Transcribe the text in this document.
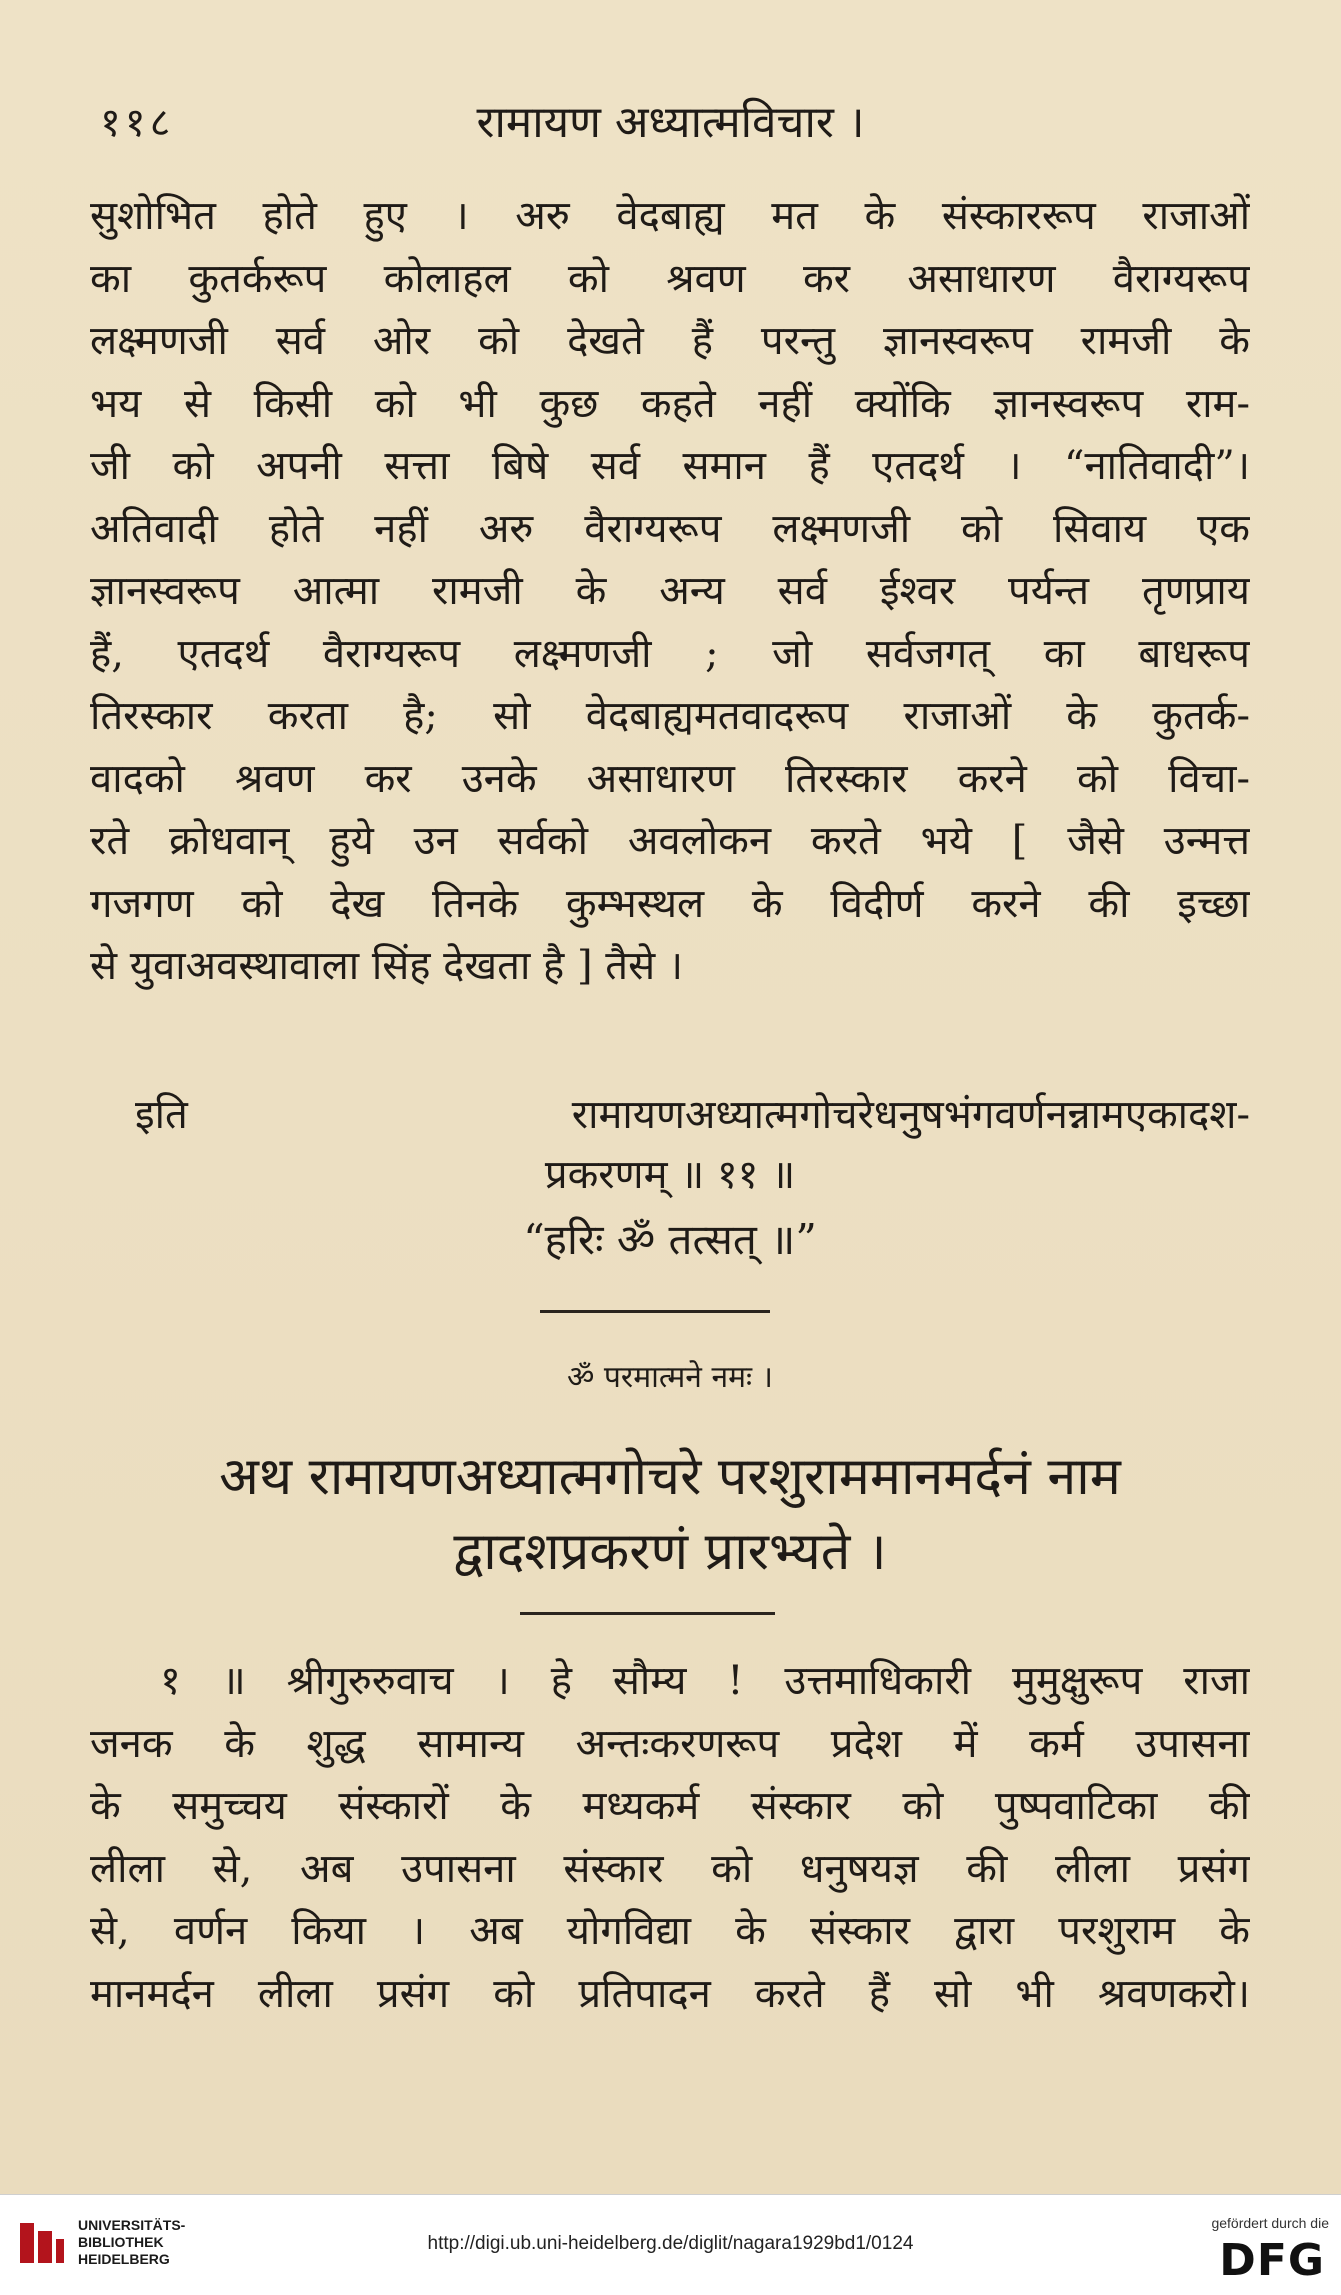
११८	रामायण अध्यात्मविचार ।
सुशोभित होते हुए । अरु वेदबाह्य मत के संस्काररूप राजाओं
का कुतर्करूप कोलाहल को श्रवण कर असाधारण वैराग्यरूप
लक्ष्मणजी सर्व ओर को देखते हैं परन्तु ज्ञानस्वरूप रामजी के
भय से किसी को भी कुछ कहते नहीं क्योंकि ज्ञानस्वरूप राम-
जी को अपनी सत्ता बिषे सर्व समान हैं एतदर्थ । “नातिवादी”।
अतिवादी होते नहीं अरु वैराग्यरूप लक्ष्मणजी को सिवाय एक
ज्ञानस्वरूप आत्मा रामजी के अन्य सर्व ईश्वर पर्यन्त तृणप्राय
हैं, एतदर्थ वैराग्यरूप लक्ष्मणजी ; जो सर्वजगत् का बाधरूप
तिरस्कार करता है; सो वेदबाह्यमतवादरूप राजाओं के कुतर्क-
वादको श्रवण कर उनके असाधारण तिरस्कार करने को विचा-
रते क्रोधवान् हुये उन सर्वको अवलोकन करते भये [ जैसे उन्मत्त
गजगण को देख तिनके कुम्भस्थल के विदीर्ण करने की इच्छा
से युवाअवस्थावाला सिंह देखता है ] तैसे ।
इति रामायणअध्यात्मगोचरेधनुषभंगवर्णनन्नामएकादश-
प्रकरणम् ॥ ११ ॥
“हरिः ॐ तत्सत् ॥”
ॐ परमात्मने नमः ।
अथ रामायणअध्यात्मगोचरे परशुराममानमर्दनं नाम
द्वादशप्रकरणं प्रारभ्यते ।
१ ॥ श्रीगुरुरुवाच । हे सौम्य ! उत्तमाधिकारी मुमुक्षुरूप राजा
जनक के शुद्ध सामान्य अन्तःकरणरूप प्रदेश में कर्म उपासना
के समुच्चय संस्कारों के मध्यकर्म संस्कार को पुष्पवाटिका की
लीला से, अब उपासना संस्कार को धनुषयज्ञ की लीला प्रसंग
से, वर्णन किया । अब योगविद्या के संस्कार द्वारा परशुराम के
मानमर्दन लीला प्रसंग को प्रतिपादन करते हैं सो भी श्रवणकरो।
UNIVERSITÄTS-
BIBLIOTHEK
HEIDELBERG
http://digi.ub.uni-heidelberg.de/diglit/nagara1929bd1/0124
gefördert durch die
DFG
